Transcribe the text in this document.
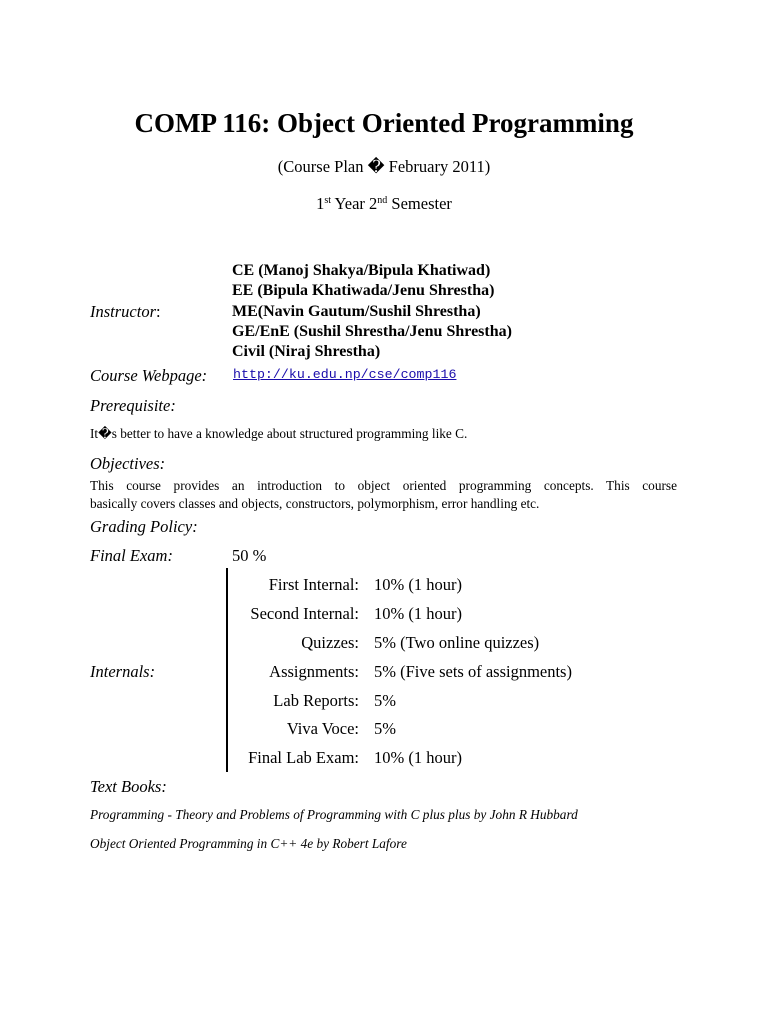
COMP 116: Object Oriented Programming
(Course Plan � February 2011)
1st Year 2nd Semester
Instructor:
CE (Manoj Shakya/Bipula Khatiwad)
EE (Bipula Khatiwada/Jenu Shrestha)
ME(Navin Gautum/Sushil Shrestha)
GE/EnE (Sushil Shrestha/Jenu Shrestha)
Civil (Niraj Shrestha)
Course Webpage: http://ku.edu.np/cse/comp116
Prerequisite:
It�s better to have a knowledge about structured programming like C.
Objectives:
This course provides an introduction to object oriented programming concepts. This course
basically covers classes and objects, constructors, polymorphism, error handling etc.
Grading Policy:
Final Exam:	50 %
Internals:
First Internal: 10% (1 hour)
Second Internal: 10% (1 hour)
Quizzes: 5% (Two online quizzes)
Assignments: 5% (Five sets of assignments)
Lab Reports: 5%
Viva Voce: 5%
Final Lab Exam: 10% (1 hour)
Text Books:
Programming - Theory and Problems of Programming with C plus plus by John R Hubbard
Object Oriented Programming in C++ 4e by Robert Lafore
